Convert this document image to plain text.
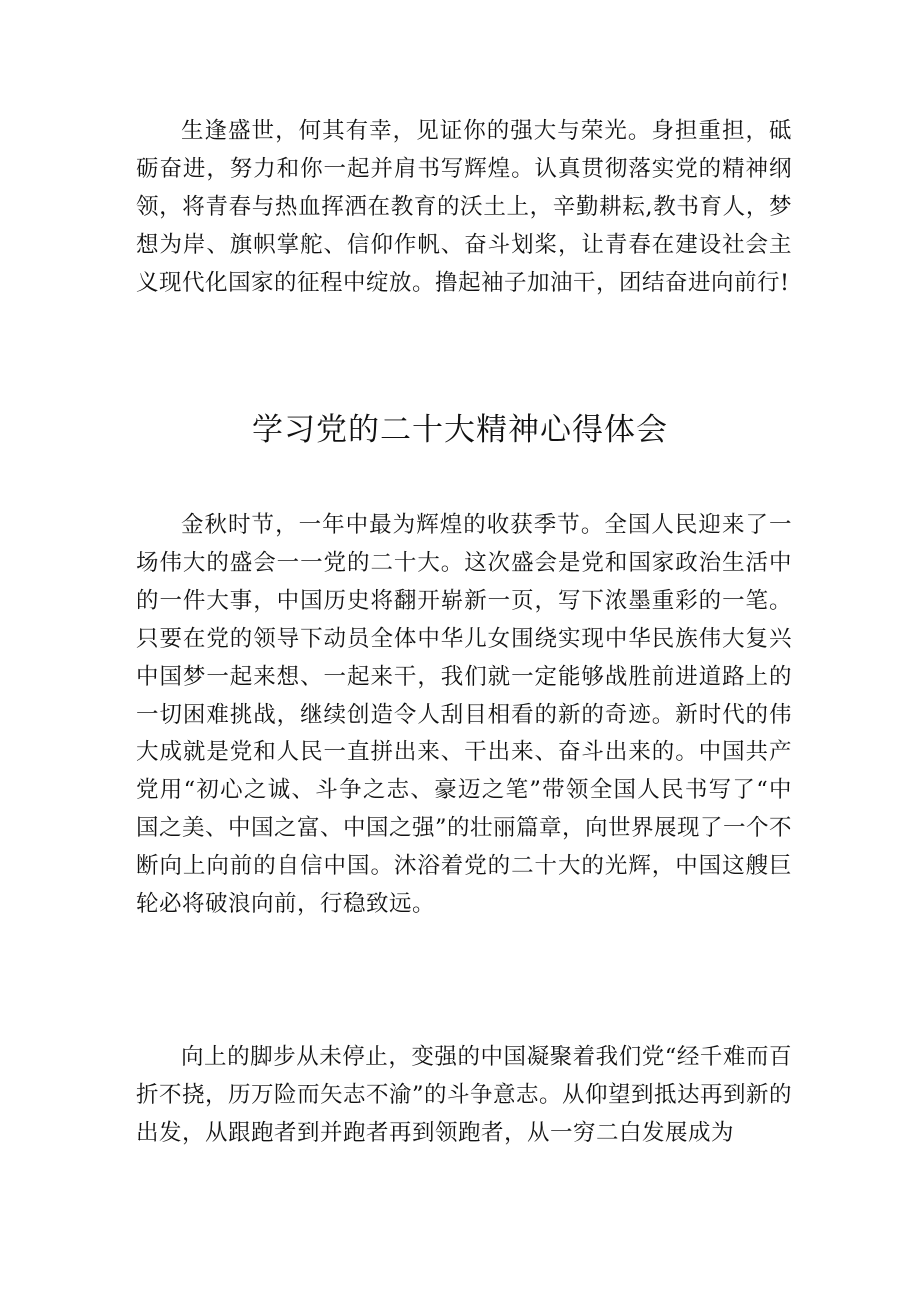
生逢盛世，何其有幸，见证你的强大与荣光。身担重担，砥砺奋进，努力和你一起并肩书写辉煌。认真贯彻落实党的精神纲领，将青春与热血挥洒在教育的沃土上，辛勤耕耘,教书育人，梦想为岸、旗帜掌舵、信仰作帆、奋斗划桨，让青春在建设社会主义现代化国家的征程中绽放。撸起袖子加油干，团结奋进向前行!

学习党的二十大精神心得体会

金秋时节，一年中最为辉煌的收获季节。全国人民迎来了一场伟大的盛会一一党的二十大。这次盛会是党和国家政治生活中的一件大事，中国历史将翻开崭新一页，写下浓墨重彩的一笔。只要在党的领导下动员全体中华儿女围绕实现中华民族伟大复兴中国梦一起来想、一起来干，我们就一定能够战胜前进道路上的一切困难挑战，继续创造令人刮目相看的新的奇迹。新时代的伟大成就是党和人民一直拼出来、干出来、奋斗出来的。中国共产党用“初心之诚、斗争之志、豪迈之笔”带领全国人民书写了“中国之美、中国之富、中国之强”的壮丽篇章，向世界展现了一个不断向上向前的自信中国。沐浴着党的二十大的光辉，中国这艘巨轮必将破浪向前，行稳致远。

向上的脚步从未停止，变强的中国凝聚着我们党“经千难而百折不挠，历万险而矢志不渝”的斗争意志。从仰望到抵达再到新的出发，从跟跑者到并跑者再到领跑者，从一穷二白发展成为
